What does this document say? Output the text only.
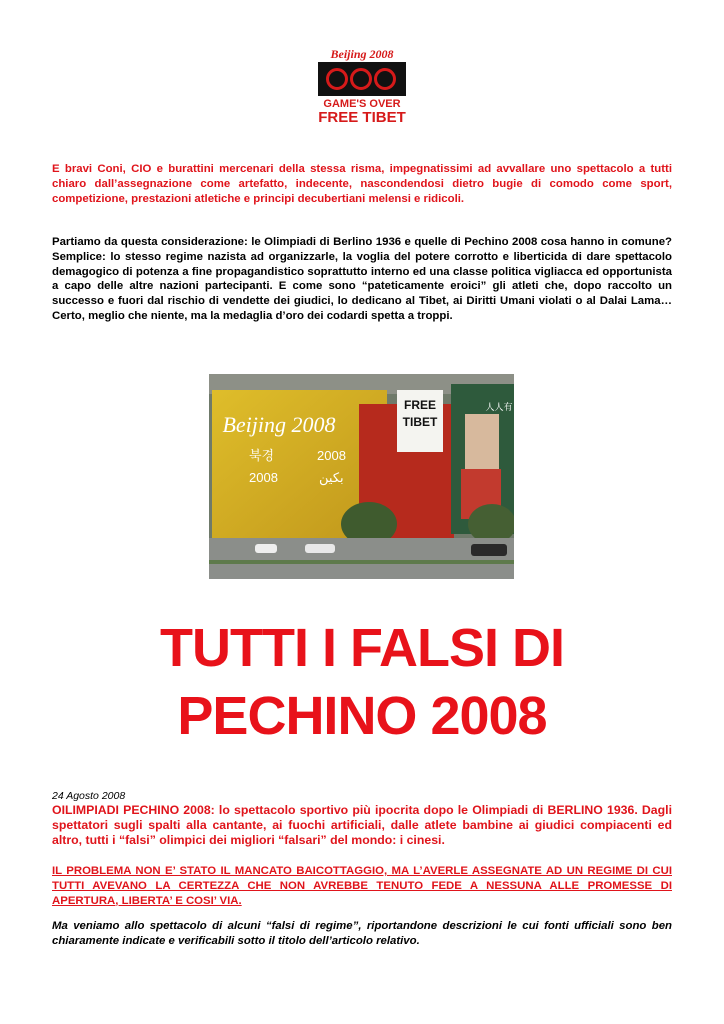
Beijing 2008
GAME'S OVER
FREE TIBET

E bravi Coni, CIO e burattini mercenari della stessa risma, impegnatissimi ad avvallare uno spettacolo a tutti chiaro dall’assegnazione come artefatto, indecente, nascondendosi dietro bugie di comodo come sport, competizione, prestazioni atletiche e principi decubertiani melensi e ridicoli.

Partiamo da questa considerazione: le Olimpiadi di Berlino 1936 e quelle di Pechino 2008 cosa hanno in comune? Semplice: lo stesso regime nazista ad organizzarle, la voglia del potere corrotto e liberticida di dare spettacolo demagogico di potenza a fine propagandistico soprattutto interno ed una classe politica vigliacca ed opportunista a capo delle altre nazioni partecipanti. E come sono “pateticamente eroici” gli atleti che, dopo raccolto un successo e fuori dal rischio di vendette dei giudici, lo dedicano al Tibet, ai Diritti Umani violati o al Dalai Lama… Certo, meglio che niente, ma la medaglia d’oro dei codardi spetta a troppi.

FREE
TIBET
Beijing 2008
북경	2008
2008	بكين
人人有

TUTTI I FALSI DI

PECHINO 2008

24 Agosto 2008

OILIMPIADI PECHINO 2008: lo spettacolo sportivo più ipocrita dopo le Olimpiadi di BERLINO 1936. Dagli spettatori sugli spalti alla cantante, ai fuochi artificiali, dalle atlete bambine ai giudici compiacenti ed altro, tutti i “falsi” olimpici dei migliori “falsari” del mondo: i cinesi.

IL PROBLEMA NON E’ STATO IL MANCATO BAICOTTAGGIO, MA L’AVERLE ASSEGNATE AD UN REGIME DI CUI TUTTI AVEVANO LA CERTEZZA CHE NON AVREBBE TENUTO FEDE A NESSUNA ALLE PROMESSE DI APERTURA, LIBERTA’ E COSI’ VIA.

Ma veniamo allo spettacolo di alcuni “falsi di regime”, riportandone descrizioni le cui fonti ufficiali sono ben chiaramente indicate e verificabili sotto il titolo dell’articolo relativo.
